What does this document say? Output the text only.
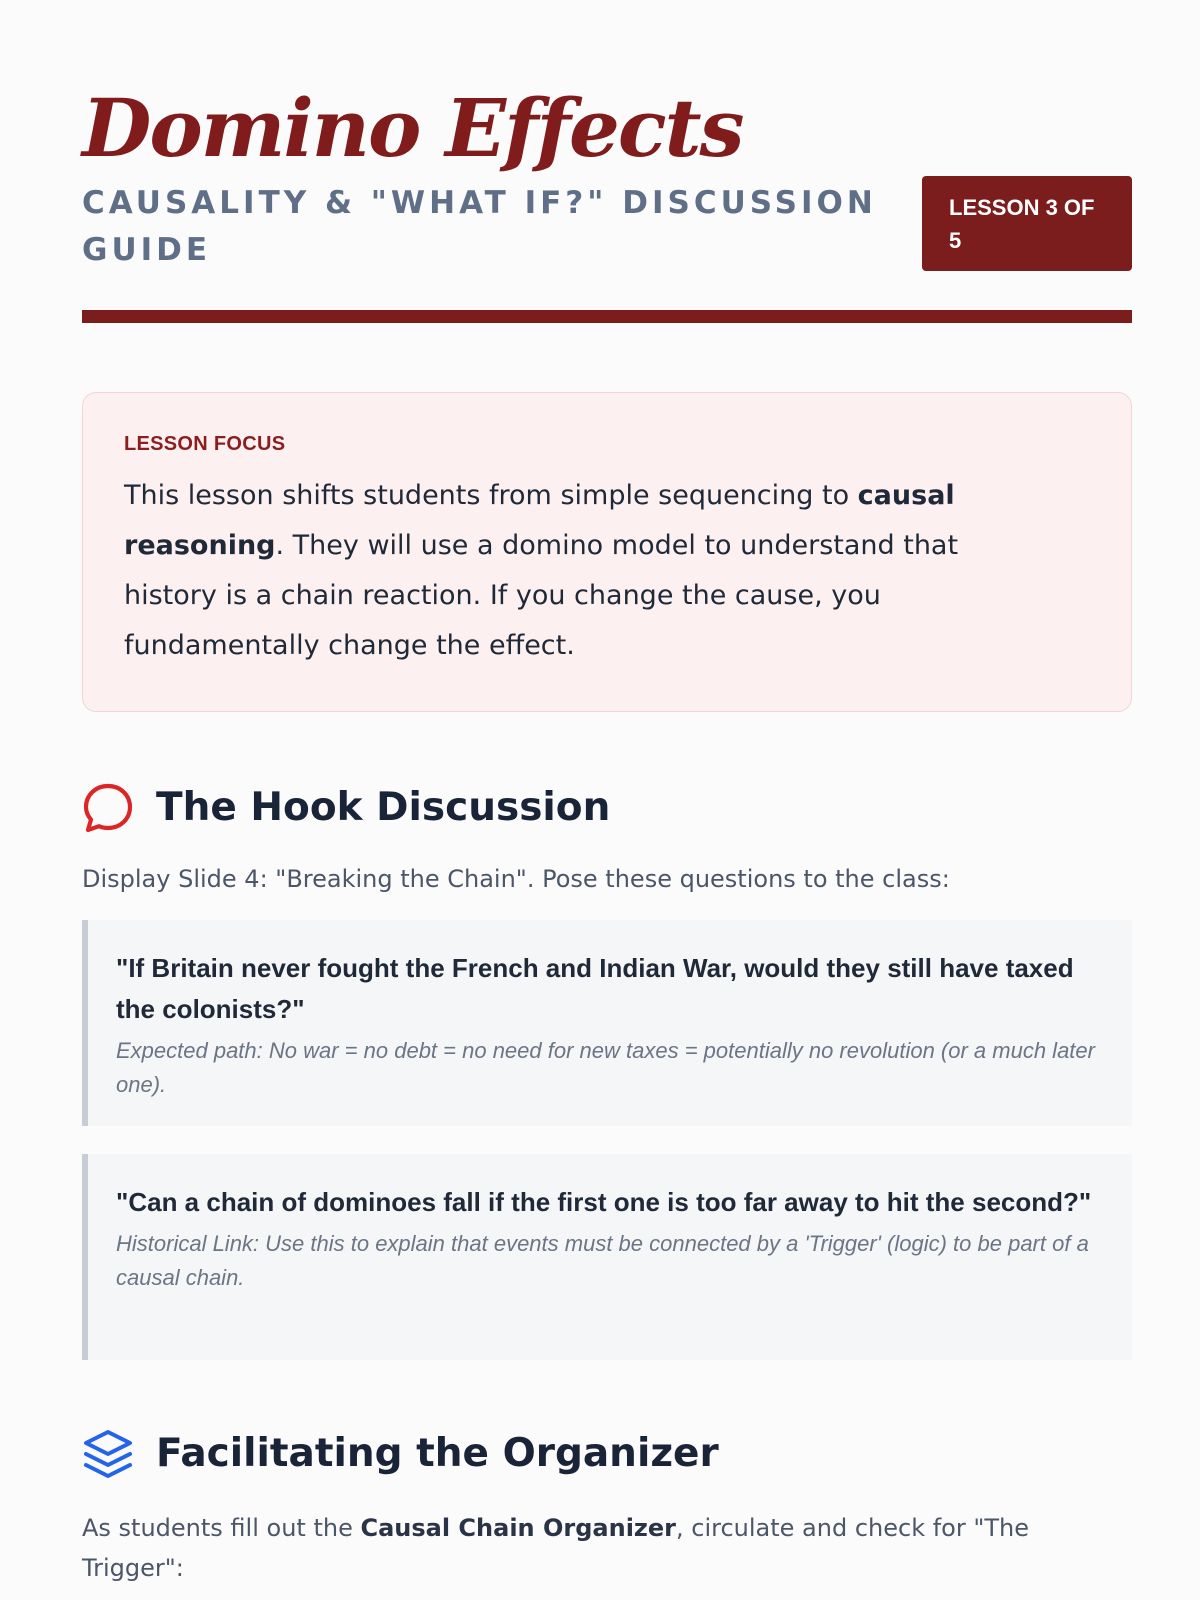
Domino Effects
CAUSALITY & "WHAT IF?" DISCUSSION GUIDE
LESSON 3 OF 5
LESSON FOCUS

This lesson shifts students from simple sequencing to causal reasoning. They will use a domino model to understand that history is a chain reaction. If you change the cause, you fundamentally change the effect.

The Hook Discussion

Display Slide 4: "Breaking the Chain". Pose these questions to the class:

"If Britain never fought the French and Indian War, would they still have taxed the colonists?"

Expected path: No war = no debt = no need for new taxes = potentially no revolution (or a much later one).

"Can a chain of dominoes fall if the first one is too far away to hit the second?"

Historical Link: Use this to explain that events must be connected by a 'Trigger' (logic) to be part of a causal chain.

Facilitating the Organizer

As students fill out the Causal Chain Organizer, circulate and check for "The Trigger":
